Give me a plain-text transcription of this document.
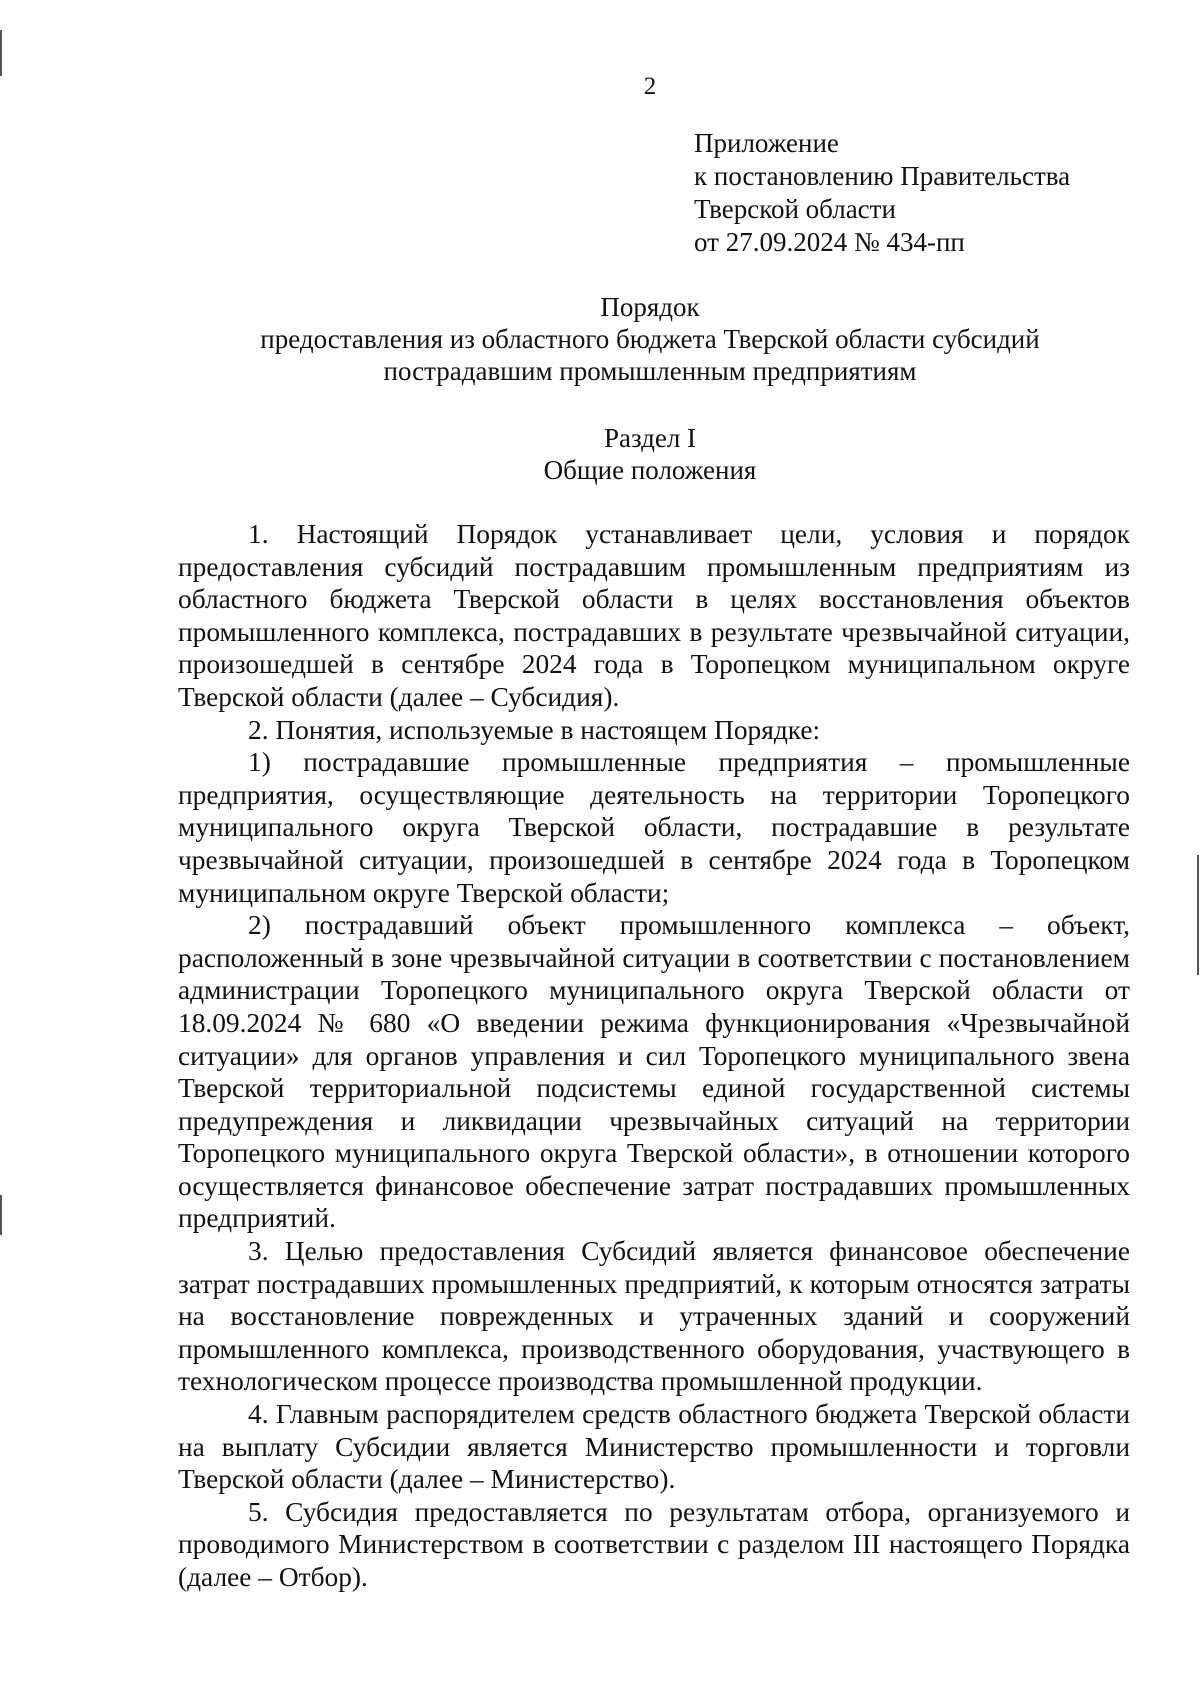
2
Приложение
к постановлению Правительства
Тверской области
от 27.09.2024 № 434-пп
Порядок
предоставления из областного бюджета Тверской области субсидий
пострадавшим промышленным предприятиям
Раздел I
Общие положения

1. Настоящий Порядок устанавливает цели, условия и порядок предоставления субсидий пострадавшим промышленным предприятиям из областного бюджета Тверской области в целях восстановления объектов промышленного комплекса, пострадавших в результате чрезвычайной ситуации, произошедшей в сентябре 2024 года в Торопецком муниципальном округе Тверской области (далее – Субсидия).

2. Понятия, используемые в настоящем Порядке:

1) пострадавшие промышленные предприятия – промышленные предприятия, осуществляющие деятельность на территории Торопецкого муниципального округа Тверской области, пострадавшие в результате чрезвычайной ситуации, произошедшей в сентябре 2024 года в Торопецком муниципальном округе Тверской области;

2) пострадавший объект промышленного комплекса – объект, расположенный в зоне чрезвычайной ситуации в соответствии с постановлением администрации Торопецкого муниципального округа Тверской области от 18.09.2024 № 680 «О введении режима функционирования «Чрезвычайной ситуации» для органов управления и сил Торопецкого муниципального звена Тверской территориальной подсистемы единой государственной системы предупреждения и ликвидации чрезвычайных ситуаций на территории Торопецкого муниципального округа Тверской области», в отношении которого осуществляется финансовое обеспечение затрат пострадавших промышленных предприятий.

3. Целью предоставления Субсидий является финансовое обеспечение затрат пострадавших промышленных предприятий, к которым относятся затраты на восстановление поврежденных и утраченных зданий и сооружений промышленного комплекса, производственного оборудования, участвующего в технологическом процессе производства промышленной продукции.

4. Главным распорядителем средств областного бюджета Тверской области на выплату Субсидии является Министерство промышленности и торговли Тверской области (далее – Министерство).

5. Субсидия предоставляется по результатам отбора, организуемого и проводимого Министерством в соответствии с разделом III настоящего Порядка (далее – Отбор).
